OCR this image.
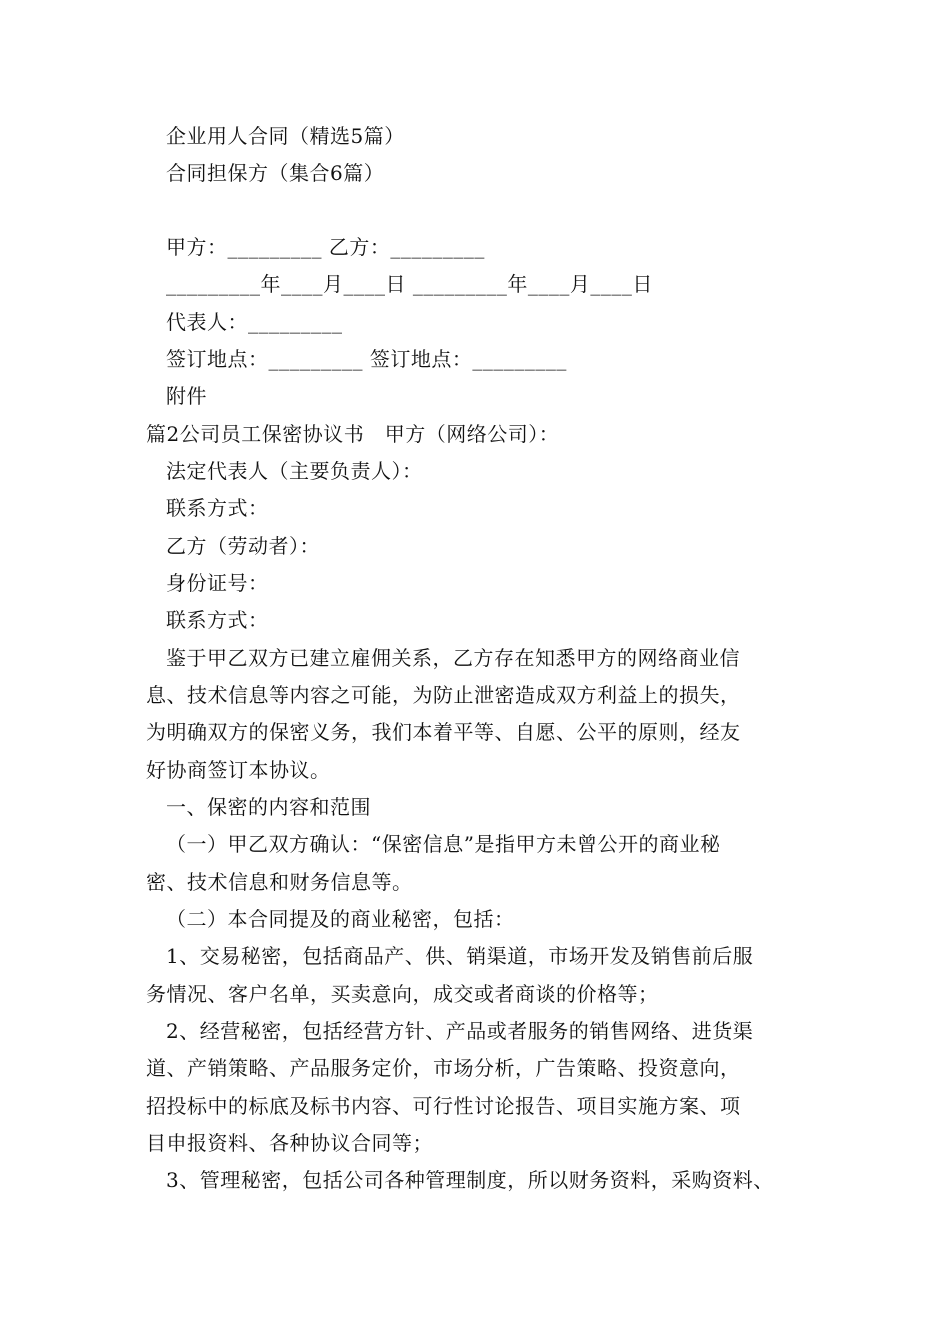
企业用人合同（精选5篇）
合同担保方（集合6篇）
甲方：_________ 乙方：_________
_________年____月____日 _________年____月____日
代表人：_________
签订地点：_________ 签订地点：_________
附件
篇2公司员工保密协议书　甲方（网络公司）：
法定代表人（主要负责人）：
联系方式：
乙方（劳动者）：
身份证号：
联系方式：
鉴于甲乙双方已建立雇佣关系，乙方存在知悉甲方的网络商业信
息、技术信息等内容之可能，为防止泄密造成双方利益上的损失，
为明确双方的保密义务，我们本着平等、自愿、公平的原则，经友
好协商签订本协议。
一、保密的内容和范围
（一）甲乙双方确认：“保密信息”是指甲方未曾公开的商业秘
密、技术信息和财务信息等。
（二）本合同提及的商业秘密，包括：
1、交易秘密，包括商品产、供、销渠道，市场开发及销售前后服
务情况、客户名单，买卖意向，成交或者商谈的价格等；
2、经营秘密，包括经营方针、产品或者服务的销售网络、进货渠
道、产销策略、产品服务定价，市场分析，广告策略、投资意向，
招投标中的标底及标书内容、可行性讨论报告、项目实施方案、项
目申报资料、各种协议合同等；
3、管理秘密，包括公司各种管理制度，所以财务资料，采购资料、
